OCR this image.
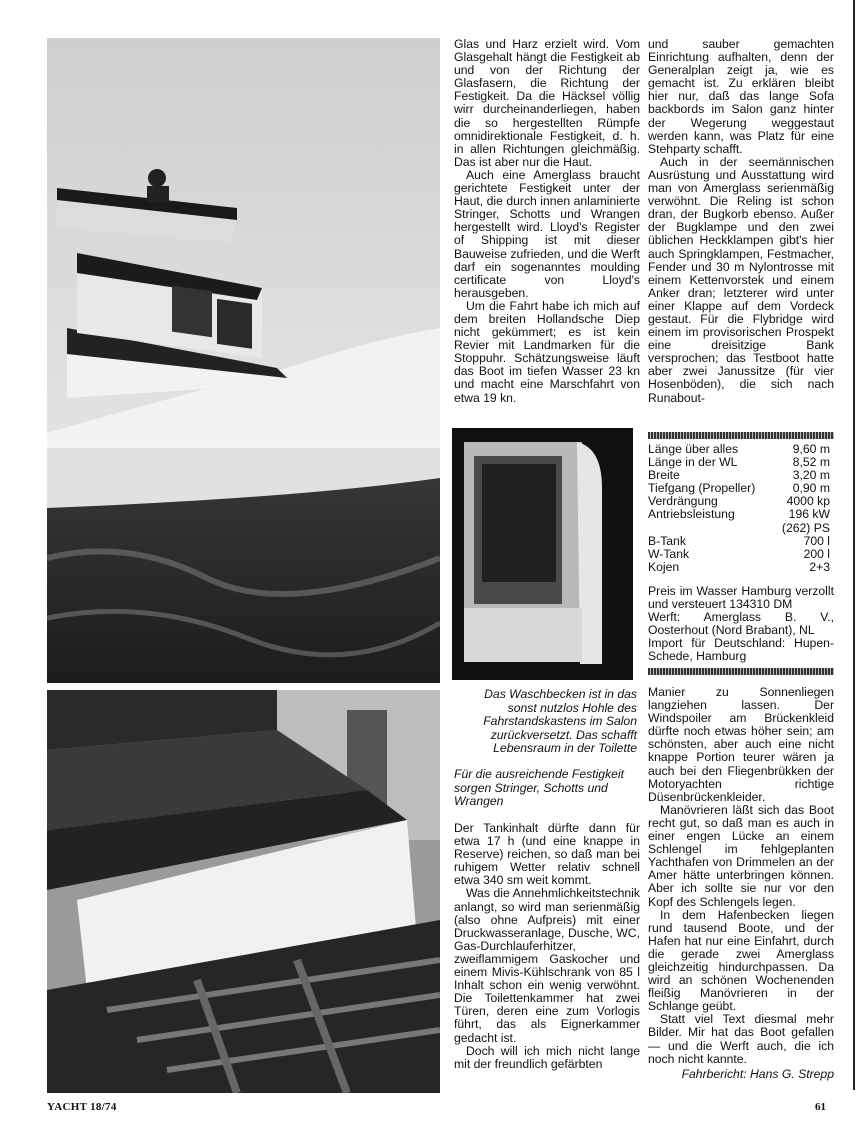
Glas und Harz erzielt wird. Vom Glasgehalt hängt die Festigkeit ab und von der Richtung der Glasfasern, die Richtung der Festigkeit. Da die Häcksel völlig wirr durcheinanderliegen, haben die so hergestellten Rümpfe omnidirektionale Festigkeit, d. h. in allen Richtungen gleichmäßig. Das ist aber nur die Haut.

Auch eine Amerglass braucht gerichtete Festigkeit unter der Haut, die durch innen anlaminierte Stringer, Schotts und Wrangen hergestellt wird. Lloyd's Register of Shipping ist mit dieser Bauweise zufrieden, und die Werft darf ein sogenanntes moulding certificate von Lloyd's herausgeben.

Um die Fahrt habe ich mich auf dem breiten Hollandsche Diep nicht gekümmert; es ist kein Revier mit Landmarken für die Stoppuhr. Schätzungsweise läuft das Boot im tiefen Wasser 23 kn und macht eine Marschfahrt von etwa 19 kn.

und sauber gemachten Einrichtung aufhalten, denn der Generalplan zeigt ja, wie es gemacht ist. Zu erklären bleibt hier nur, daß das lange Sofa backbords im Salon ganz hinter der Wegerung weggestaut werden kann, was Platz für eine Stehparty schafft.

Auch in der seemännischen Ausrüstung und Ausstattung wird man von Amerglass serienmäßig verwöhnt. Die Reling ist schon dran, der Bugkorb ebenso. Außer der Bugklampe und den zwei üblichen Heckklampen gibt's hier auch Springklampen, Festmacher, Fender und 30 m Nylontrosse mit einem Kettenvorstek und einem Anker dran; letzterer wird unter einer Klappe auf dem Vordeck gestaut. Für die Flybridge wird einem im provisorischen Prospekt eine dreisitzige Bank versprochen; das Testboot hatte aber zwei Janussitze (für vier Hosenböden), die sich nach Runabout-

Länge über alles	9,60 m
Länge in der WL	8,52 m
Breite	3,20 m
Tiefgang (Propeller)	0,90 m
Verdrängung	4000 kp
Antriebsleistung	196 kW
(262) PS
B-Tank	700 l
W-Tank	200 l
Kojen	2+3
Preis im Wasser Hamburg verzollt und versteuert 134310 DM
Werft: Amerglass B. V., Oosterhout (Nord Brabant), NL
Import für Deutschland: Hupen-Schede, Hamburg
Das Waschbecken ist in das sonst nutzlos Hohle des Fahrstandskastens im Salon zurückversetzt. Das schafft Lebensraum in der Toilette
Für die ausreichende Festigkeit sorgen Stringer, Schotts und Wrangen

Der Tankinhalt dürfte dann für etwa 17 h (und eine knappe in Reserve) reichen, so daß man bei ruhigem Wetter relativ schnell etwa 340 sm weit kommt.

Was die Annehmlichkeitstechnik anlangt, so wird man serienmäßig (also ohne Aufpreis) mit einer Druckwasseranlage, Dusche, WC, Gas-Durchlauferhitzer, zweiflammigem Gaskocher und einem Mivis-Kühlschrank von 85 l Inhalt schon ein wenig verwöhnt. Die Toilettenkammer hat zwei Türen, deren eine zum Vorlogis führt, das als Eignerkammer gedacht ist.

Doch will ich mich nicht lange mit der freundlich gefärbten

Manier zu Sonnenliegen langziehen lassen. Der Windspoiler am Brückenkleid dürfte noch etwas höher sein; am schönsten, aber auch eine nicht knappe Portion teurer wären ja auch bei den Fliegenbrükken der Motoryachten richtige Düsenbrückenkleider.

Manövrieren läßt sich das Boot recht gut, so daß man es auch in einer engen Lücke an einem Schlengel im fehlgeplanten Yachthafen von Drimmelen an der Amer hätte unterbringen können. Aber ich sollte sie nur vor den Kopf des Schlengels legen.

In dem Hafenbecken liegen rund tausend Boote, und der Hafen hat nur eine Einfahrt, durch die gerade zwei Amerglass gleichzeitig hindurchpassen. Da wird an schönen Wochenenden fleißig Manövrieren in der Schlange geübt.

Statt viel Text diesmal mehr Bilder. Mir hat das Boot gefallen — und die Werft auch, die ich noch nicht kannte.

Fahrbericht: Hans G. Strepp
YACHT 18/74	61
